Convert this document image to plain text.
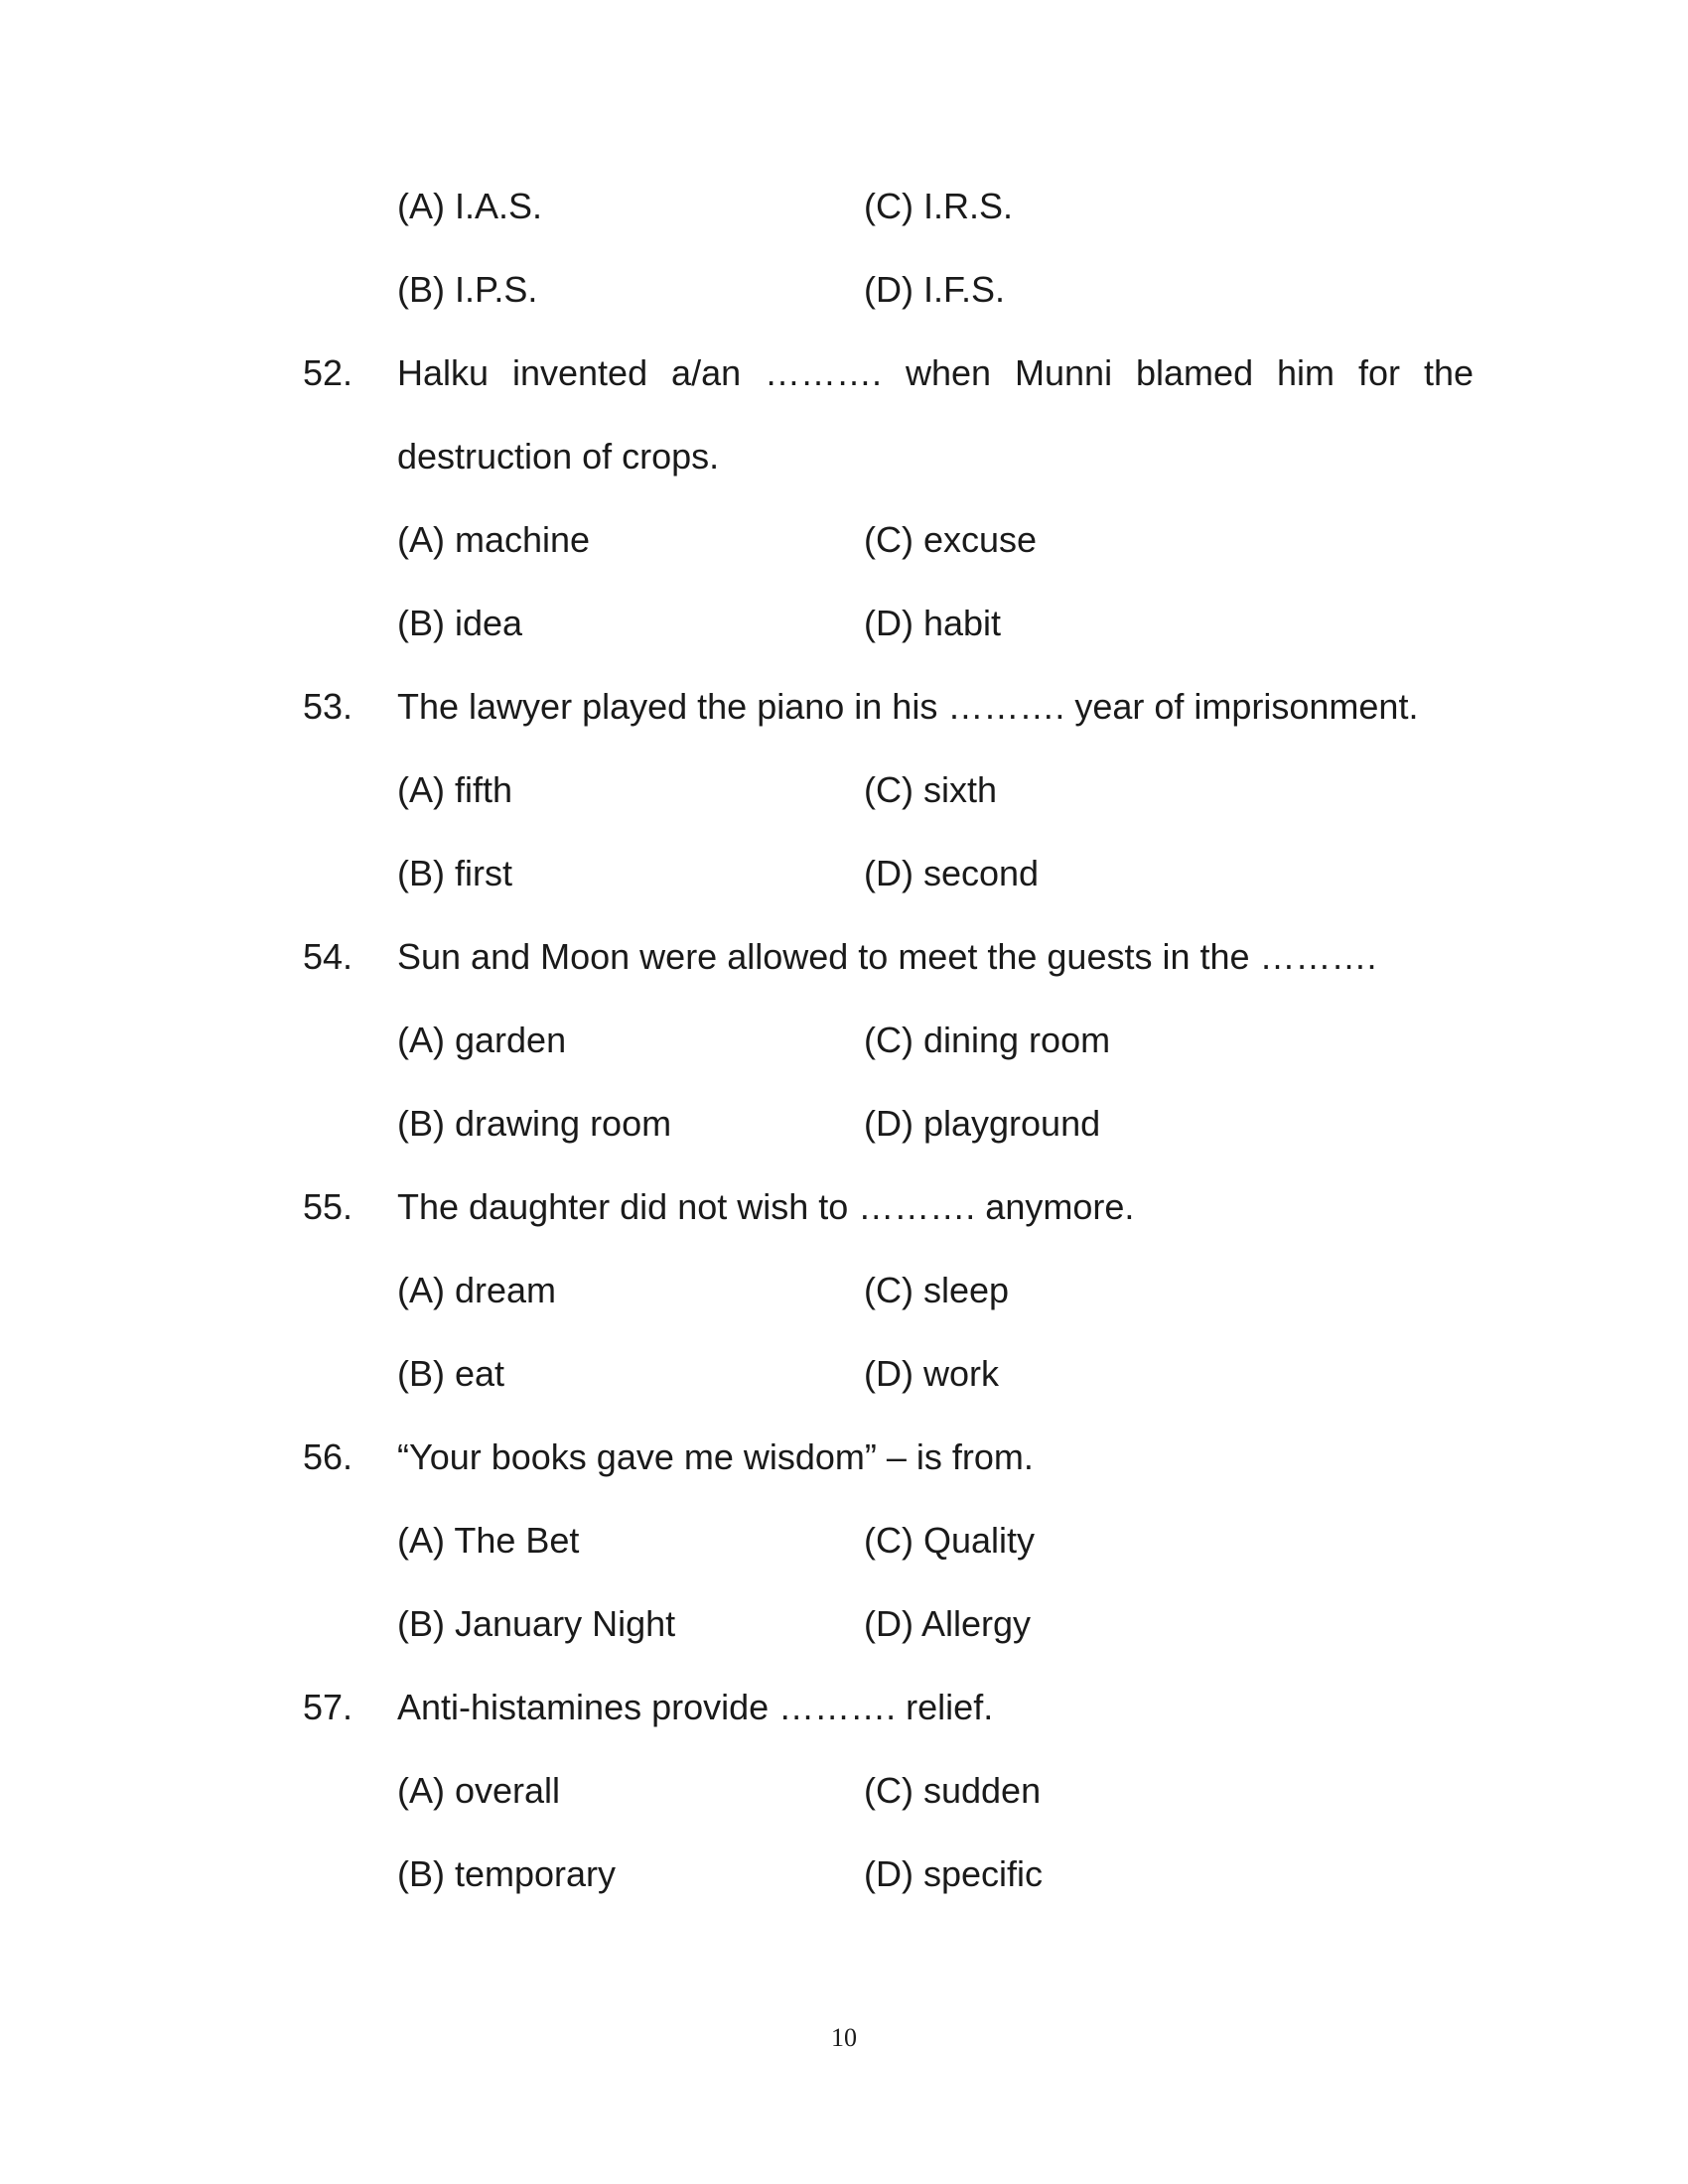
(A) I.A.S.	(C) I.R.S.
(B) I.P.S.	(D) I.F.S.
52. Halku invented a/an ………. when Munni blamed him for the
destruction of crops.
(A) machine	(C) excuse
(B) idea	(D) habit
53. The lawyer played the piano in his ………. year of imprisonment.
(A) fifth	(C) sixth
(B) first	(D) second
54. Sun and Moon were allowed to meet the guests in the ……….
(A) garden	(C) dining room
(B) drawing room	(D) playground
55. The daughter did not wish to ………. anymore.
(A) dream	(C) sleep
(B) eat	(D) work
56. “Your books gave me wisdom” – is from.
(A) The Bet	(C) Quality
(B) January Night	(D) Allergy
57. Anti-histamines provide ………. relief.
(A) overall	(C) sudden
(B) temporary	(D) specific
10
